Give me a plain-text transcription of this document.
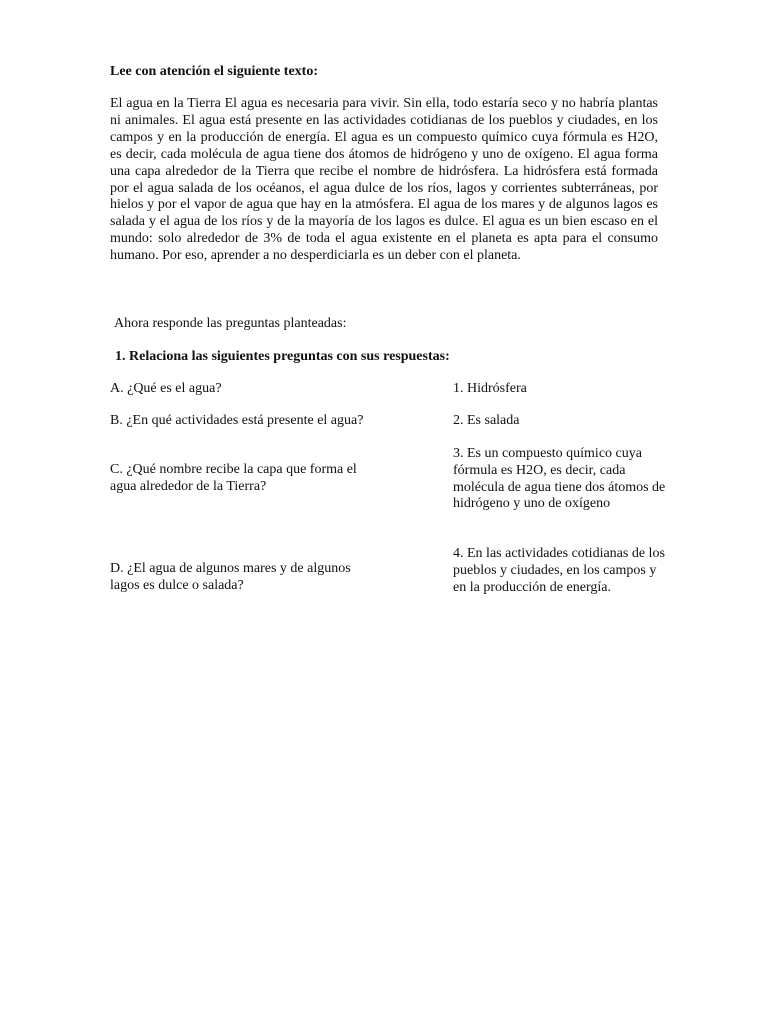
Lee con atención el siguiente texto:

El agua en la Tierra El agua es necesaria para vivir. Sin ella, todo estaría seco y no habría plantas ni animales. El agua está presente en las actividades cotidianas de los pueblos y ciudades, en los campos y en la producción de energía. El agua es un compuesto químico cuya fórmula es H2O, es decir, cada molécula de agua tiene dos átomos de hidrógeno y uno de oxígeno. El agua forma una capa alrededor de la Tierra que recibe el nombre de hidrósfera. La hidrósfera está formada por el agua salada de los océanos, el agua dulce de los ríos, lagos y corrientes subterráneas, por hielos y por el vapor de agua que hay en la atmósfera. El agua de los mares y de algunos lagos es salada y el agua de los ríos y de la mayoría de los lagos es dulce. El agua es un bien escaso en el mundo: solo alrededor de 3% de toda el agua existente en el planeta es apta para el consumo humano. Por eso, aprender a no desperdiciarla es un deber con el planeta.

Ahora responde las preguntas planteadas:

1. Relaciona las siguientes preguntas con sus respuestas:

A. ¿Qué es el agua?

B. ¿En qué actividades está presente el agua?

C. ¿Qué nombre recibe la capa que forma el agua alrededor de la Tierra?

D. ¿El agua de algunos mares y de algunos lagos es dulce o salada?

1. Hidrósfera

2. Es salada

3. Es un compuesto químico cuya fórmula es H2O, es decir, cada molécula de agua tiene dos átomos de hidrógeno y uno de oxígeno

4. En las actividades cotidianas de los pueblos y ciudades, en los campos y en la producción de energía.
